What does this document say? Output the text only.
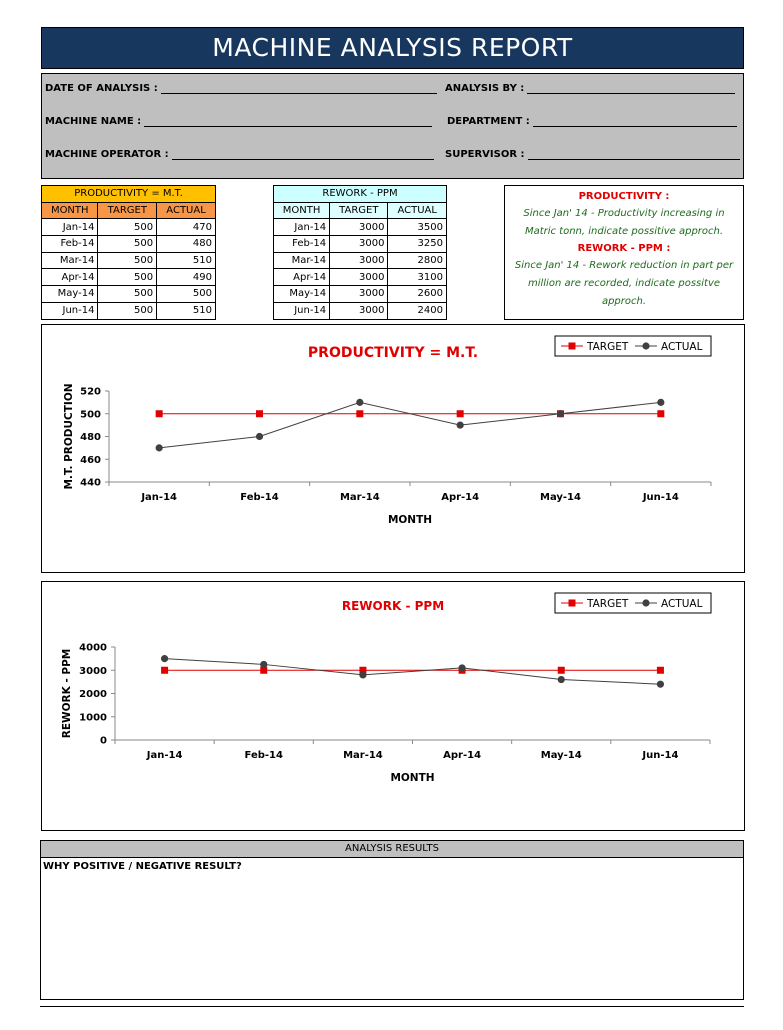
MACHINE ANALYSIS REPORT
DATE OF ANALYSIS :	ANALYSIS BY :
MACHINE NAME :	DEPARTMENT :
MACHINE OPERATOR :	SUPERVISOR :
PRODUCTIVITY = M.T.		
MONTH	TARGET	ACTUAL
Jan-14	500	470
Feb-14	500	480
Mar-14	500	510
Apr-14	500	490
May-14	500	500
Jun-14	500	510
REWORK - PPM		
MONTH	TARGET	ACTUAL
Jan-14	3000	3500
Feb-14	3000	3250
Mar-14	3000	2800
Apr-14	3000	3100
May-14	3000	2600
Jun-14	3000	2400
PRODUCTIVITY :
Since Jan' 14 - Productivity increasing in Matric tonn, indicate possitive approch.
REWORK - PPM :
Since Jan' 14 - Rework reduction in part per million are recorded, indicate possitve approch.
PRODUCTIVITY = M.T.
440
460
480
500
520
Jan-14	Feb-14	Mar-14	Apr-14	May-14	Jun-14
MONTH
M.T. PRODUCTION
TARGET	ACTUAL
REWORK - PPM
0
1000
2000
3000
4000
Jan-14	Feb-14	Mar-14	Apr-14	May-14	Jun-14
MONTH
REWORK - PPM
TARGET	ACTUAL
ANALYSIS RESULTS
WHY POSITIVE / NEGATIVE RESULT?
